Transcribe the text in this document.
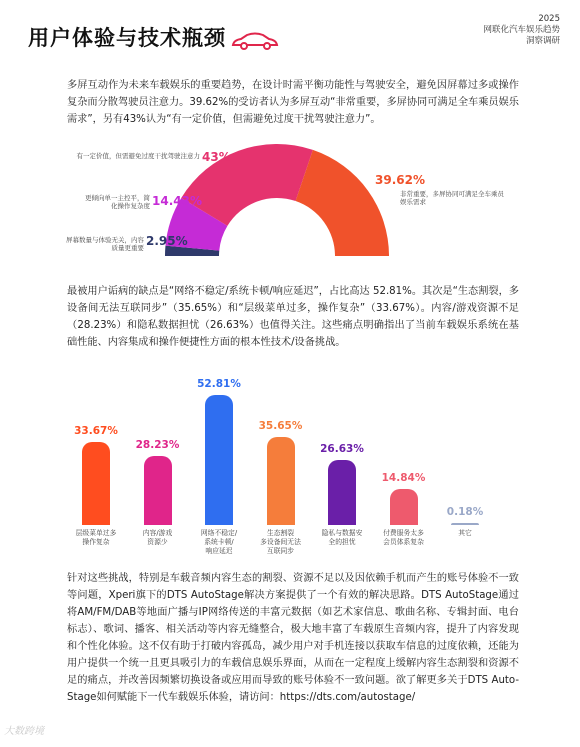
用户体验与技术瓶颈
2025
网联化汽车娱乐趋势
洞察调研

多屏互动作为未来车载娱乐的重要趋势，在设计时需平衡功能性与驾驶安全，避免因屏幕过多或操作复杂而分散驾驶员注意力。39.62%的受访者认为多屏互动“非常重要，多屏协同可满足全车乘员娱乐需求”，另有43%认为“有一定价值，但需避免过度干扰驾驶注意力”。

43%
有一定价值，但需避免过度干扰驾驶注意力
14.43%
更倾向单一主控平，简化操作复杂度
2.95%
屏幕数量与体验无关，内容质量更重要
39.62%
非常重要，多屏协同可满足全车乘员娱乐需求

最被用户诟病的缺点是“网络不稳定/系统卡顿/响应延迟”，占比高达 52.81%。其次是“生态割裂，多设备间无法互联同步”（35.65%）和“层级菜单过多，操作复杂”（33.67%）。内容/游戏资源不足（28.23%）和隐私数据担忧（26.63%）也值得关注。这些痛点明确指出了当前车载娱乐系统在基础性能、内容集成和操作便捷性方面的根本性技术/设备挑战。

33.67%
层级菜单过多
操作复杂
28.23%
内容/游戏
资源少
52.81%
网络不稳定/
系统卡顿/
响应延迟
35.65%
生态割裂
多设备间无法
互联同步
26.63%
隐私与数据安
全的担忧
14.84%
付费服务太多
会员体系复杂
0.18%
其它

针对这些挑战，特别是车载音频内容生态的割裂、资源不足以及因依赖手机而产生的账号体验不一致等问题，Xperi旗下的DTS AutoStage解决方案提供了一个有效的解决思路。DTS AutoStage通过将AM/FM/DAB等地面广播与IP网络传送的丰富元数据（如艺术家信息、歌曲名称、专辑封面、电台标志）、歌词、播客、相关活动等内容无缝整合，极大地丰富了车载原生音频内容，提升了内容发现和个性化体验。这不仅有助于打破内容孤岛，减少用户对手机连接以获取车信息的过度依赖，还能为用户提供一个统一且更具吸引力的车载信息娱乐界面，从而在一定程度上缓解内容生态割裂和资源不足的痛点，并改善因频繁切换设备或应用而导致的账号体验不一致问题。欲了解更多关于DTS Auto-Stage如何赋能下一代车载娱乐体验，请访问：https://dts.com/autostage/

大数跨境
